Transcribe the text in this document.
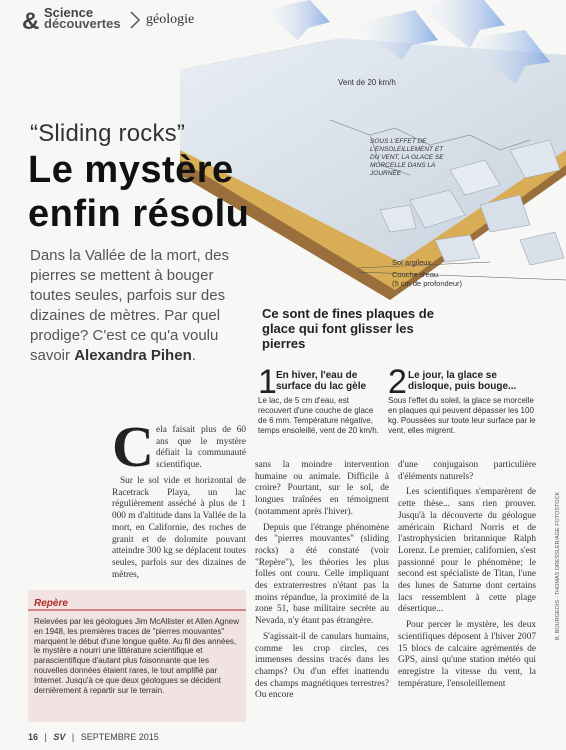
& Science
découvertes géologie
Vent de 20 km/h
SOUS L'EFFET DE L'ENSOLEILLEMENT ET DU VENT, LA GLACE SE MORCELLE DANS LA JOURNÉE
Sol argileux
Couche d'eau
(5 cm de profondeur)
“Sliding rocks”
Le mystère
enfin résolu
Dans la Vallée de la mort, des pierres se mettent à bouger toutes seules, parfois sur des dizaines de mètres. Par quel prodige? C'est ce qu'a voulu savoir Alexandra Pihen.
Ce sont de fines plaques de glace qui font glisser les pierres
1 En hiver, l'eau de surface du lac gèle
Le lac, de 5 cm d'eau, est recouvert d'une couche de glace de 6 mm. Température négative, temps ensoleillé, vent de 20 km/h.
2 Le jour, la glace se disloque, puis bouge...
Sous l'effet du soleil, la glace se morcelle en plaques qui peuvent dépasser les 100 kg. Poussées sur toute leur surface par le vent, elles migrent.
C ela faisait plus de 60 ans que le mystère défiait la communauté scientifique.

Sur le sol vide et horizontal de Racetrack Playa, un lac régulièrement asséché à plus de 1 000 m d'altitude dans la Vallée de la mort, en Californie, des roches de granit et de dolomite pouvant atteindre 300 kg se déplacent toutes seules, parfois sur des dizaines de mètres,

sans la moindre intervention humaine ou animale. Difficile à croire? Pourtant, sur le sol, de longues traînées en témoignent (notamment après l'hiver).

Depuis que l'étrange phénomène des "pierres mouvantes" (sliding rocks) a été constaté (voir "Repère"), les théories les plus folles ont couru. Celle impliquant des extraterrestres n'étant pas la moins répandue, la proximité de la zone 51, base militaire secrète au Nevada, n'y étant pas étrangère.

S'agissait-il de canulars humains, comme les crop circles, ces immenses dessins tracés dans les champs? Ou d'un effet inattendu des champs magnétiques terrestres? Ou encore

d'une conjugaison particulière d'éléments naturels?

Les scientifiques s'emparèrent de cette thèse... sans rien prouver. Jusqu'à la découverte du géologue américain Richard Norris et de l'astrophysicien britannique Ralph Lorenz. Le premier, californien, s'est passionné pour le phénomène; le second est spécialiste de Titan, l'une des lunes de Saturne dont certains lacs ressemblent à cette plage désertique...

Pour percer le mystère, les deux scientifiques déposent à l'hiver 2007 15 blocs de calcaire agrémentés de GPS, ainsi qu'une station météo qui enregistre la vitesse du vent, la température, l'ensoleillement

Repère
Relevées par les géologues Jim McAllister et Allen Agnew en 1948, les premières traces de "pierres mouvantes" marquent le début d'une longue quête. Au fil des années, le mystère a nourri une littérature scientifique et parascientifique d'autant plus foisonnante que les nouvelles données étaient rares, le tout amplifié par Internet. Jusqu'à ce que deux géologues se décident dernièrement à repartir sur le terrain.
16 | SV | SEPTEMBRE 2015
B. BOURGEOIS - THOMAS DRESSLER/AGE FOTOSTOCK
